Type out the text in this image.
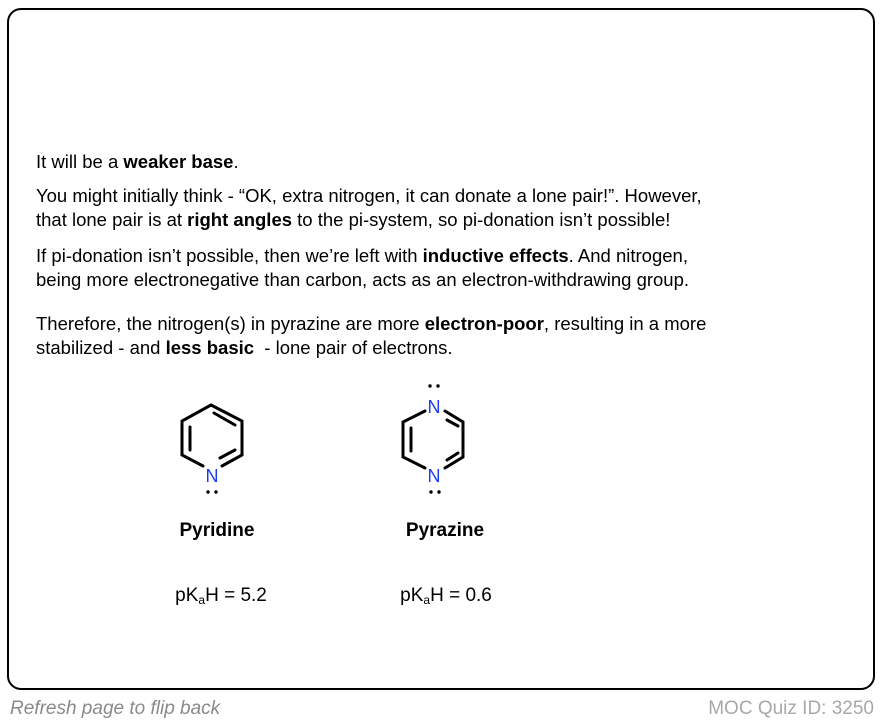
It will be a weaker base.
You might initially think - “OK, extra nitrogen, it can donate a lone pair!”. However,
that lone pair is at right angles to the pi-system, so pi-donation isn’t possible!
If pi-donation isn’t possible, then we’re left with inductive effects. And nitrogen,
being more electronegative than carbon, acts as an electron-withdrawing group.
Therefore, the nitrogen(s) in pyrazine are more electron-poor, resulting in a more
stabilized - and less basic  - lone pair of electrons.
N
N
N
Pyridine	Pyrazine
$pK_aH = 5.2$	$pK_aH = 0.6$
Refresh page to flip back	MOC Quiz ID: 3250
